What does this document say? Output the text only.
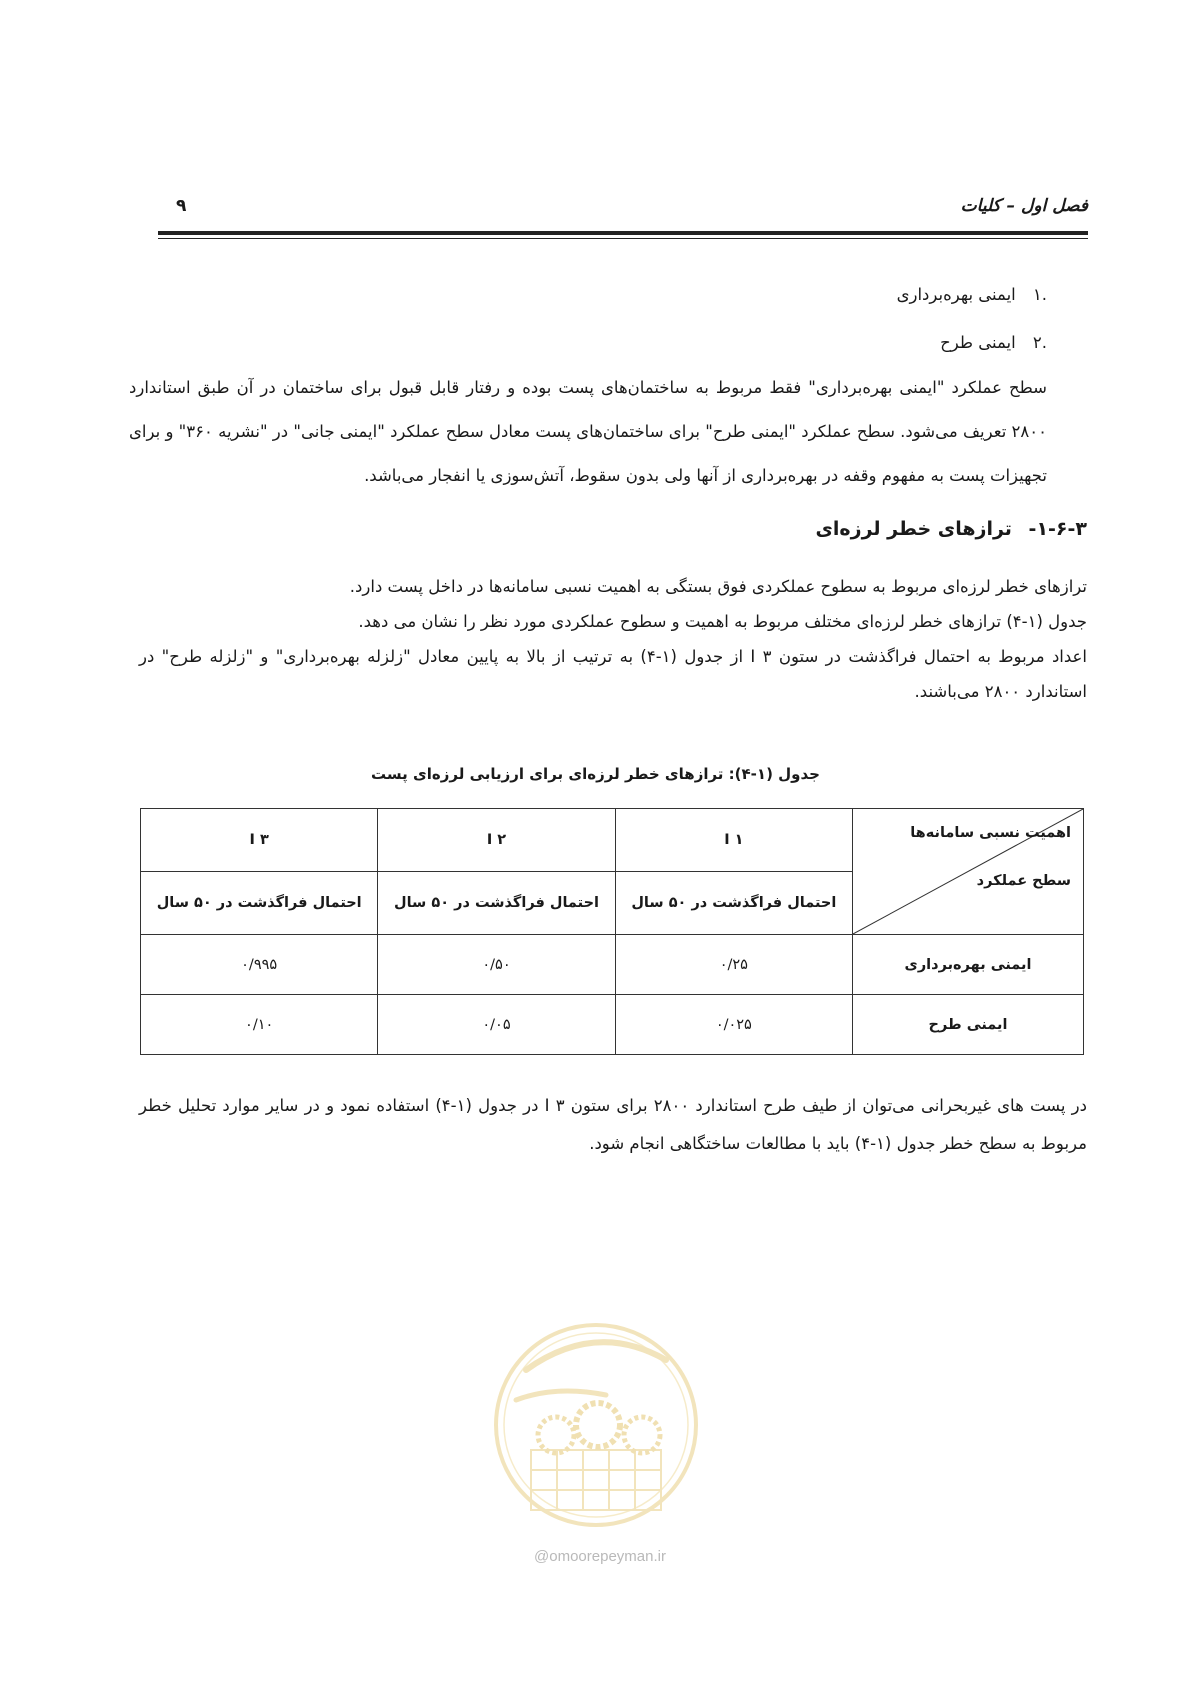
فصل اول – کلیات
۹
.۱ ایمنی بهره‌برداری
.۲ ایمنی طرح
سطح عملکرد "ایمنی بهره‌برداری" فقط مربوط به ساختمان‌های پست بوده و رفتار قابل قبول برای ساختمان در آن طبق استاندارد ۲۸۰۰ تعریف می‌شود. سطح عملکرد "ایمنی طرح" برای ساختمان‌های پست معادل سطح عملکرد "ایمنی جانی" در "نشریه ۳۶۰" و برای تجهیزات پست به مفهوم وقفه در بهره‌برداری از آنها ولی بدون سقوط، آتش‌سوزی یا انفجار می‌باشد.
۱-۶-۳- ترازهای خطر لرزه‌ای
ترازهای خطر لرزه‌ای مربوط به سطوح عملکردی فوق بستگی به اهمیت نسبی سامانه‌ها در داخل پست دارد.
جدول (۱-۴) ترازهای خطر لرزه‌ای مختلف مربوط به اهمیت و سطوح عملکردی مورد نظر را نشان می دهد.
اعداد مربوط به احتمال فراگذشت در ستون I ۳ از جدول (۱-۴) به ترتیب از بالا به پایین معادل "زلزله بهره‌برداری" و "زلزله طرح" در استاندارد ۲۸۰۰ می‌باشند.
جدول (۱-۴): ترازهای خطر لرزه‌ای برای ارزیابی لرزه‌ای پست
اهمیت نسبی سامانه‌ها
سطح عملکرد	I ۱	I ۲	I ۳
	احتمال فراگذشت در ۵۰ سال	احتمال فراگذشت در ۵۰ سال	احتمال فراگذشت در ۵۰ سال
ایمنی بهره‌برداری	۰/۲۵	۰/۵۰	۰/۹۹۵
ایمنی طرح	۰/۰۲۵	۰/۰۵	۰/۱۰
در پست های غیربحرانی می‌توان از طیف طرح استاندارد ۲۸۰۰ برای ستون I ۳ در جدول (۱-۴) استفاده نمود و در سایر موارد تحلیل خطر مربوط به سطح خطر جدول (۱-۴) باید با مطالعات ساختگاهی انجام شود.
@omoorepeyman.ir
